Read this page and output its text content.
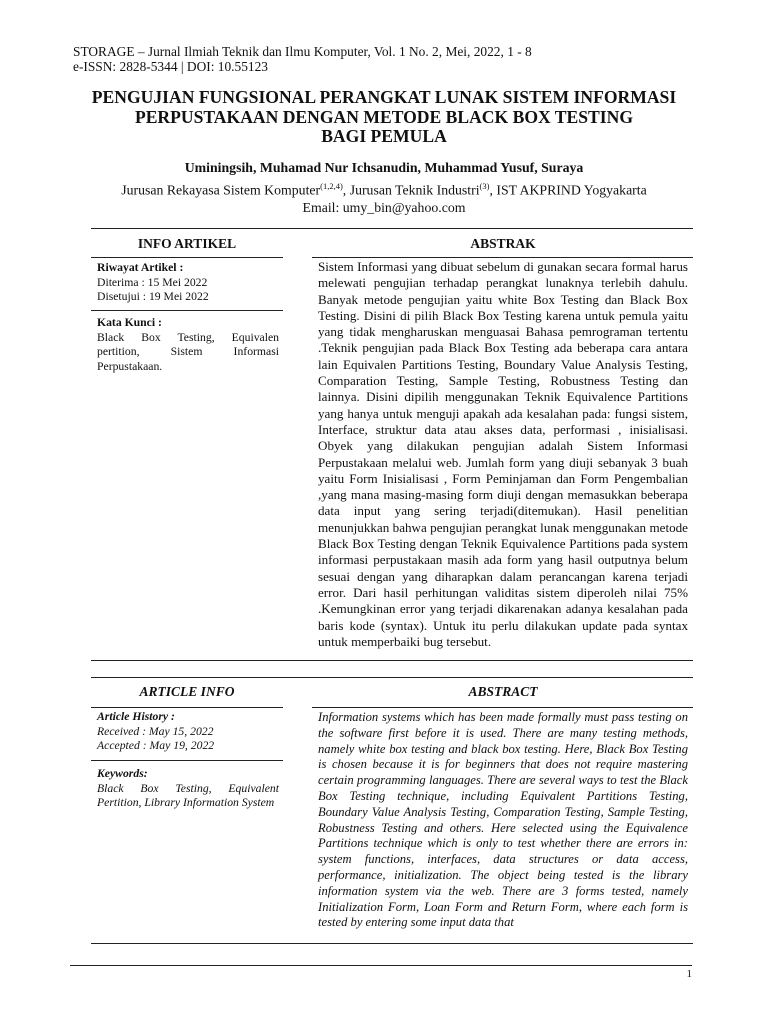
STORAGE – Jurnal Ilmiah Teknik dan Ilmu Komputer, Vol. 1 No. 2, Mei, 2022, 1 - 8
e-ISSN: 2828-5344 | DOI: 10.55123
PENGUJIAN FUNGSIONAL PERANGKAT LUNAK SISTEM INFORMASI
PERPUSTAKAAN DENGAN METODE BLACK BOX TESTING
BAGI PEMULA
Uminingsih, Muhamad Nur Ichsanudin, Muhammad Yusuf, Suraya
Jurusan Rekayasa Sistem Komputer$^{(1,2,4)}$, Jurusan Teknik Industri$^{(3)}$, IST AKPRIND Yogyakarta
Email: umy_bin@yahoo.com
INFO ARTIKEL	ABSTRAK
Riwayat Artikel :
Diterima : 15 Mei 2022
Disetujui : 19 Mei 2022
Kata Kunci :
Black Box Testing, Equivalen pertition, Sistem Informasi Perpustakaan.
Sistem Informasi yang dibuat sebelum di gunakan secara formal harus melewati pengujian terhadap perangkat lunaknya terlebih dahulu. Banyak metode pengujian yaitu white Box Testing dan Black Box Testing. Disini di pilih Black Box Testing karena untuk pemula yaitu yang tidak mengharuskan menguasai Bahasa pemrograman tertentu .Teknik pengujian pada Black Box Testing ada beberapa cara antara lain Equivalen Partitions Testing, Boundary Value Analysis Testing, Comparation Testing, Sample Testing, Robustness Testing dan lainnya. Disini dipilih menggunakan Teknik Equivalence Partitions yang hanya untuk menguji apakah ada kesalahan pada: fungsi sistem, Interface, struktur data atau akses data, performasi , inisialisasi. Obyek yang dilakukan pengujian adalah Sistem Informasi Perpustakaan melalui web. Jumlah form yang diuji sebanyak 3 buah yaitu Form Inisialisasi , Form Peminjaman dan Form Pengembalian ,yang mana masing-masing form diuji dengan memasukkan beberapa data input yang sering terjadi(ditemukan). Hasil penelitian menunjukkan bahwa pengujian perangkat lunak menggunakan metode Black Box Testing dengan Teknik Equivalence Partitions pada system informasi perpustakaan masih ada form yang hasil outputnya belum sesuai dengan yang diharapkan dalam perancangan karena terjadi error. Dari hasil perhitungan validitas sistem diperoleh nilai 75% .Kemungkinan error yang terjadi dikarenakan adanya kesalahan pada baris kode (syntax). Untuk itu perlu dilakukan update pada syntax untuk memperbaiki bug tersebut.
ARTICLE INFO	ABSTRACT
Article History :
Received : May 15, 2022
Accepted : May 19, 2022
Keywords:
Black Box Testing, Equivalent Pertition, Library Information System
Information systems which has been made formally must pass testing on the software first before it is used. There are many testing methods, namely white box testing and black box testing. Here, Black Box Testing is chosen because it is for beginners that does not require mastering certain programming languages. There are several ways to test the Black Box Testing technique, including Equivalent Partitions Testing, Boundary Value Analysis Testing, Comparation Testing, Sample Testing, Robustness Testing and others. Here selected using the Equivalence Partitions technique which is only to test whether there are errors in: system functions, interfaces, data structures or data access, performance, initialization. The object being tested is the library information system via the web. There are 3 forms tested, namely Initialization Form, Loan Form and Return Form, where each form is tested by entering some input data that
1
